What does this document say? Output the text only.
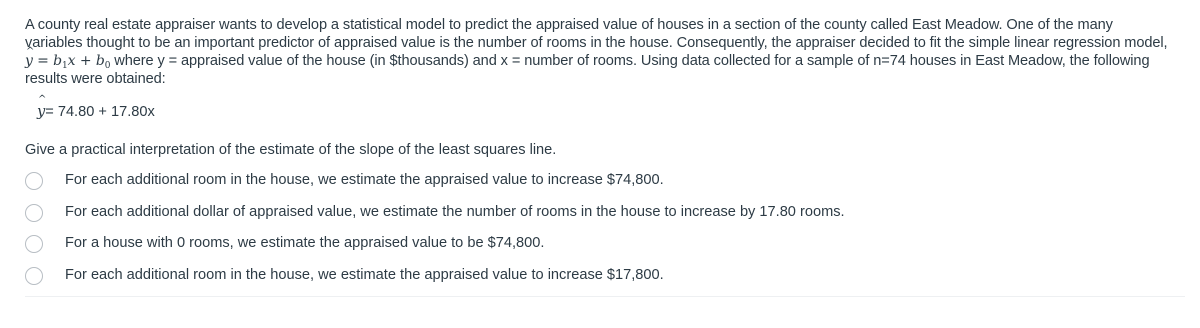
A county real estate appraiser wants to develop a statistical model to predict the appraised value of houses in a section of the county called East Meadow. One of the many variables thought to be an important predictor of appraised value is the number of rooms in the house. Consequently, the appraiser decided to fit the simple linear regression model, ^ $y = b_1x + b_0$ where y = appraised value of the house (in $thousands) and x = number of rooms. Using data collected for a sample of n=74 houses in East Meadow, the following results were obtained:
^ y= 74.80 + 17.80x
Give a practical interpretation of the estimate of the slope of the least squares line.
For each additional room in the house, we estimate the appraised value to increase $74,800.
For each additional dollar of appraised value, we estimate the number of rooms in the house to increase by 17.80 rooms.
For a house with 0 rooms, we estimate the appraised value to be $74,800.
For each additional room in the house, we estimate the appraised value to increase $17,800.
